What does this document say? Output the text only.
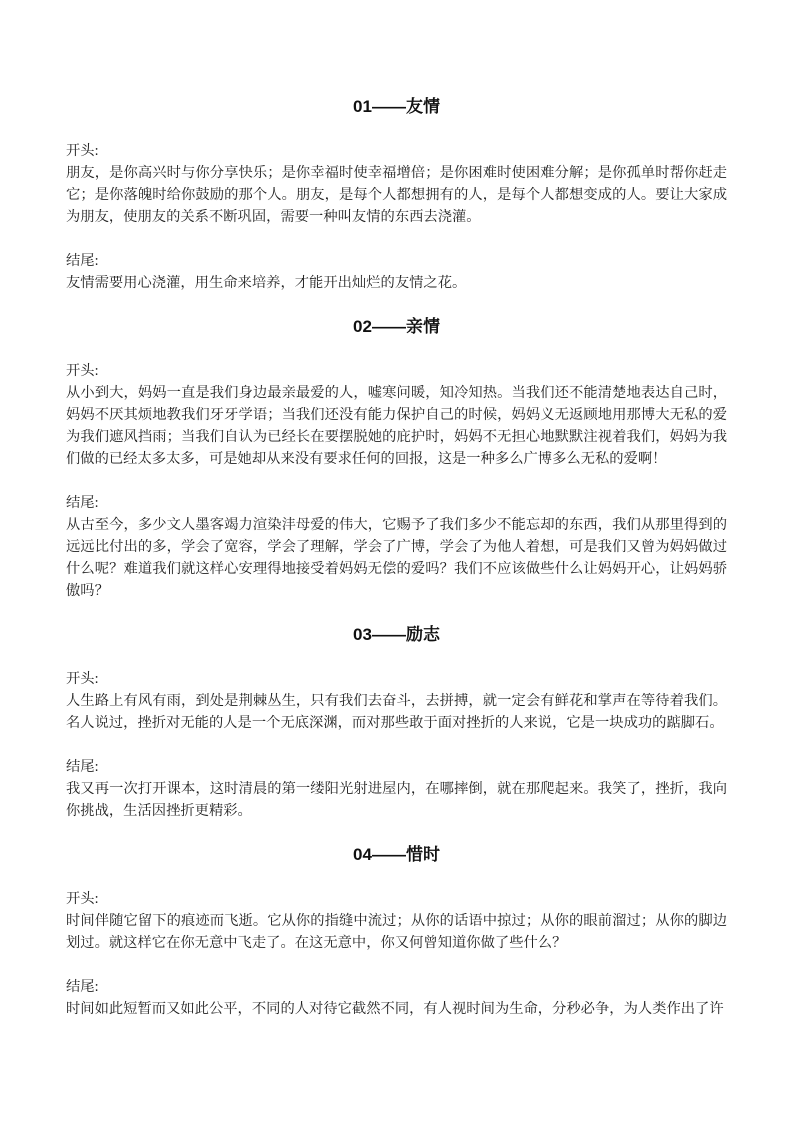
01——友情

开头:

朋友，是你高兴时与你分享快乐；是你幸福时使幸福增倍；是你困难时使困难分解；是你孤单时帮你赶走它；是你落魄时给你鼓励的那个人。朋友，是每个人都想拥有的人，是每个人都想变成的人。要让大家成为朋友，使朋友的关系不断巩固，需要一种叫友情的东西去浇灌。

结尾:

友情需要用心浇灌，用生命来培养，才能开出灿烂的友情之花。

02——亲情

开头:

从小到大，妈妈一直是我们身边最亲最爱的人，嘘寒问暖，知冷知热。当我们还不能清楚地表达自己时，妈妈不厌其烦地教我们牙牙学语；当我们还没有能力保护自己的时候，妈妈义无返顾地用那博大无私的爱为我们遮风挡雨；当我们自认为已经长在要摆脱她的庇护时，妈妈不无担心地默默注视着我们，妈妈为我们做的已经太多太多，可是她却从来没有要求任何的回报，这是一种多么广博多么无私的爱啊！

结尾:

从古至今，多少文人墨客竭力渲染沣母爱的伟大，它赐予了我们多少不能忘却的东西，我们从那里得到的远远比付出的多，学会了宽容，学会了理解，学会了广博，学会了为他人着想，可是我们又曾为妈妈做过什么呢？难道我们就这样心安理得地接受着妈妈无偿的爱吗？我们不应该做些什么让妈妈开心，让妈妈骄傲吗？

03——励志

开头:

人生路上有风有雨，到处是荆棘丛生，只有我们去奋斗，去拼搏，就一定会有鲜花和掌声在等待着我们。名人说过，挫折对无能的人是一个无底深渊，而对那些敢于面对挫折的人来说，它是一块成功的踮脚石。

结尾:

我又再一次打开课本，这时清晨的第一缕阳光射进屋内，在哪摔倒，就在那爬起来。我笑了，挫折，我向你挑战，生活因挫折更精彩。

04——惜时

开头:

时间伴随它留下的痕迹而飞逝。它从你的指缝中流过；从你的话语中掠过；从你的眼前溜过；从你的脚边划过。就这样它在你无意中飞走了。在这无意中，你又何曾知道你做了些什么？

结尾:

时间如此短暂而又如此公平，不同的人对待它截然不同，有人视时间为生命，分秒必争，为人类作出了许
